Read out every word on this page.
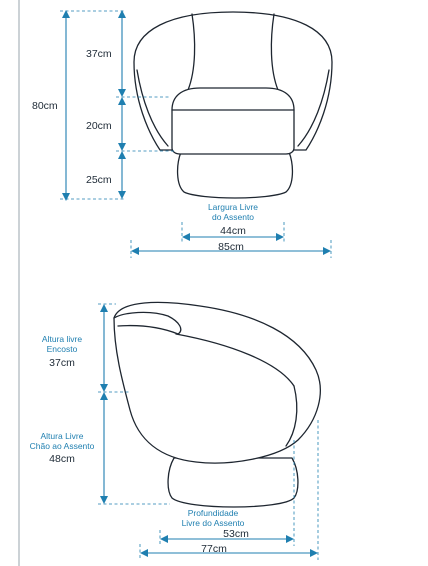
80cm
37cm
20cm
25cm
Largura Livre
do Assento
44cm
85cm
Altura livre
Encosto
37cm
Altura Livre
Chão ao Assento
48cm
Profundidade
Livre do Assento
53cm
77cm
